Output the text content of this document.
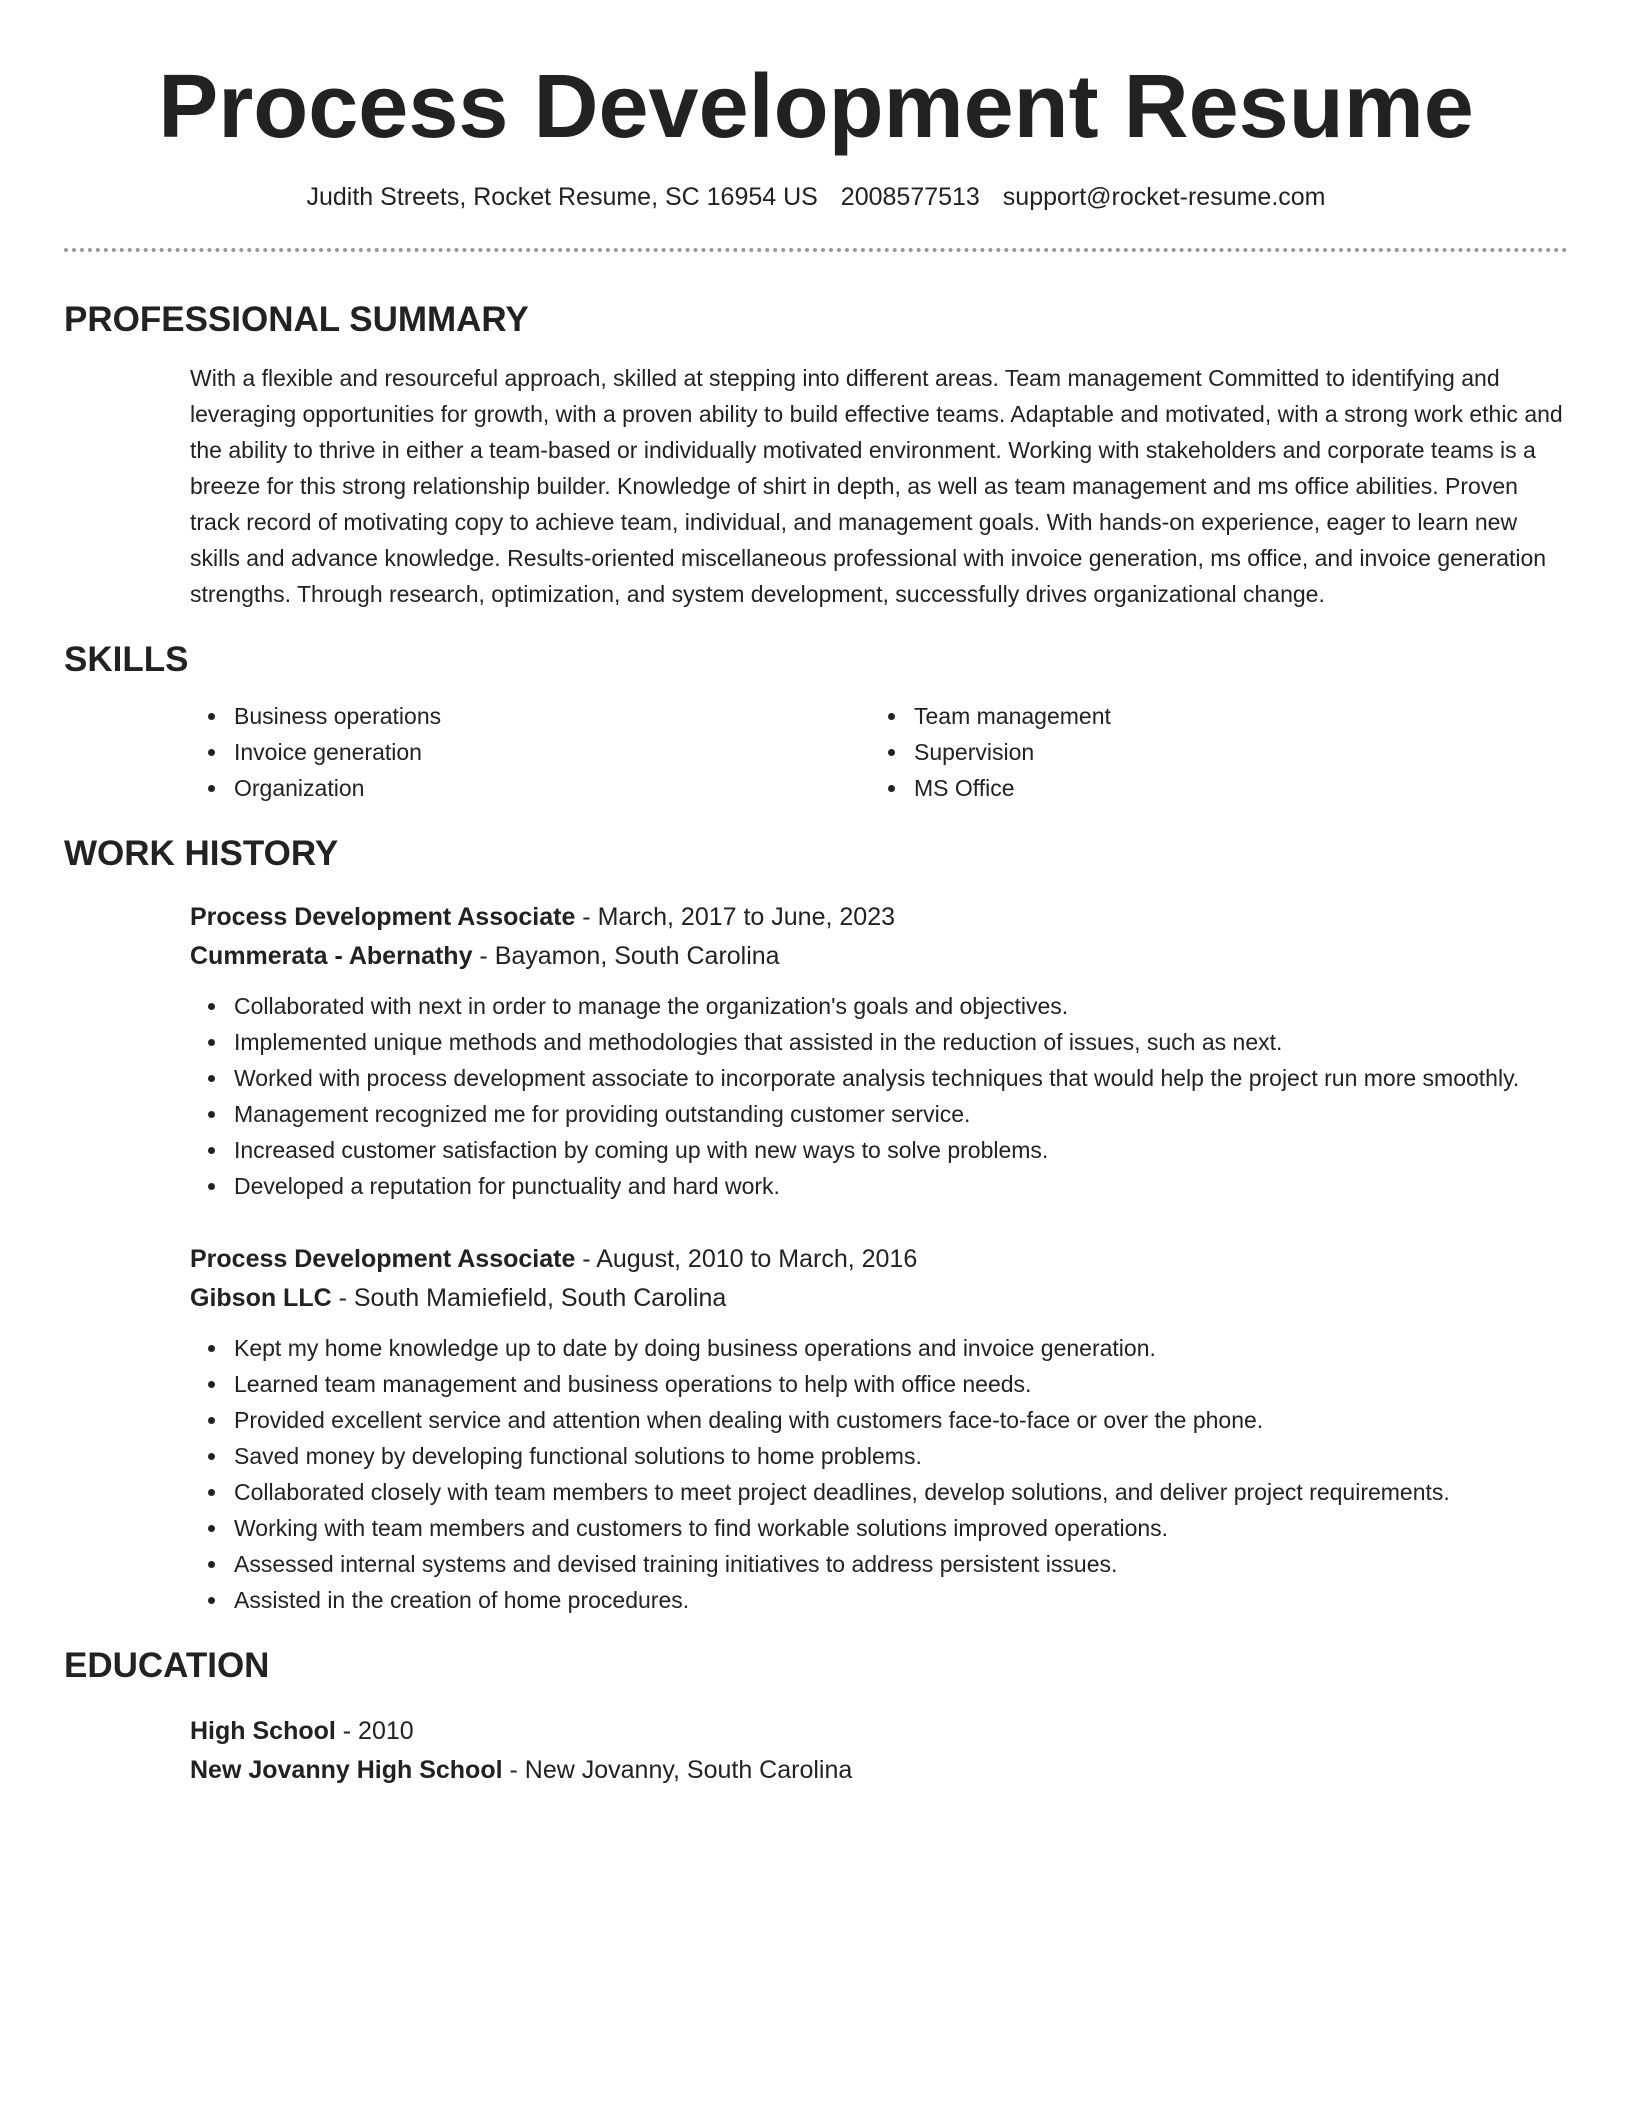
Process Development Resume
Judith Streets, Rocket Resume, SC 16954 US 2008577513 support@rocket-resume.com
PROFESSIONAL SUMMARY

With a flexible and resourceful approach, skilled at stepping into different areas. Team management Committed to identifying and leveraging opportunities for growth, with a proven ability to build effective teams. Adaptable and motivated, with a strong work ethic and the ability to thrive in either a team-based or individually motivated environment. Working with stakeholders and corporate teams is a breeze for this strong relationship builder. Knowledge of shirt in depth, as well as team management and ms office abilities. Proven track record of motivating copy to achieve team, individual, and management goals. With hands-on experience, eager to learn new skills and advance knowledge. Results-oriented miscellaneous professional with invoice generation, ms office, and invoice generation strengths. Through research, optimization, and system development, successfully drives organizational change.

SKILLS
Business operations
Invoice generation
Organization
Team management
Supervision
MS Office
WORK HISTORY
Process Development Associate - March, 2017 to June, 2023
Cummerata - Abernathy - Bayamon, South Carolina
Collaborated with next in order to manage the organization's goals and objectives.
Implemented unique methods and methodologies that assisted in the reduction of issues, such as next.
Worked with process development associate to incorporate analysis techniques that would help the project run more smoothly.
Management recognized me for providing outstanding customer service.
Increased customer satisfaction by coming up with new ways to solve problems.
Developed a reputation for punctuality and hard work.
Process Development Associate - August, 2010 to March, 2016
Gibson LLC - South Mamiefield, South Carolina
Kept my home knowledge up to date by doing business operations and invoice generation.
Learned team management and business operations to help with office needs.
Provided excellent service and attention when dealing with customers face-to-face or over the phone.
Saved money by developing functional solutions to home problems.
Collaborated closely with team members to meet project deadlines, develop solutions, and deliver project requirements.
Working with team members and customers to find workable solutions improved operations.
Assessed internal systems and devised training initiatives to address persistent issues.
Assisted in the creation of home procedures.
EDUCATION
High School - 2010
New Jovanny High School - New Jovanny, South Carolina
